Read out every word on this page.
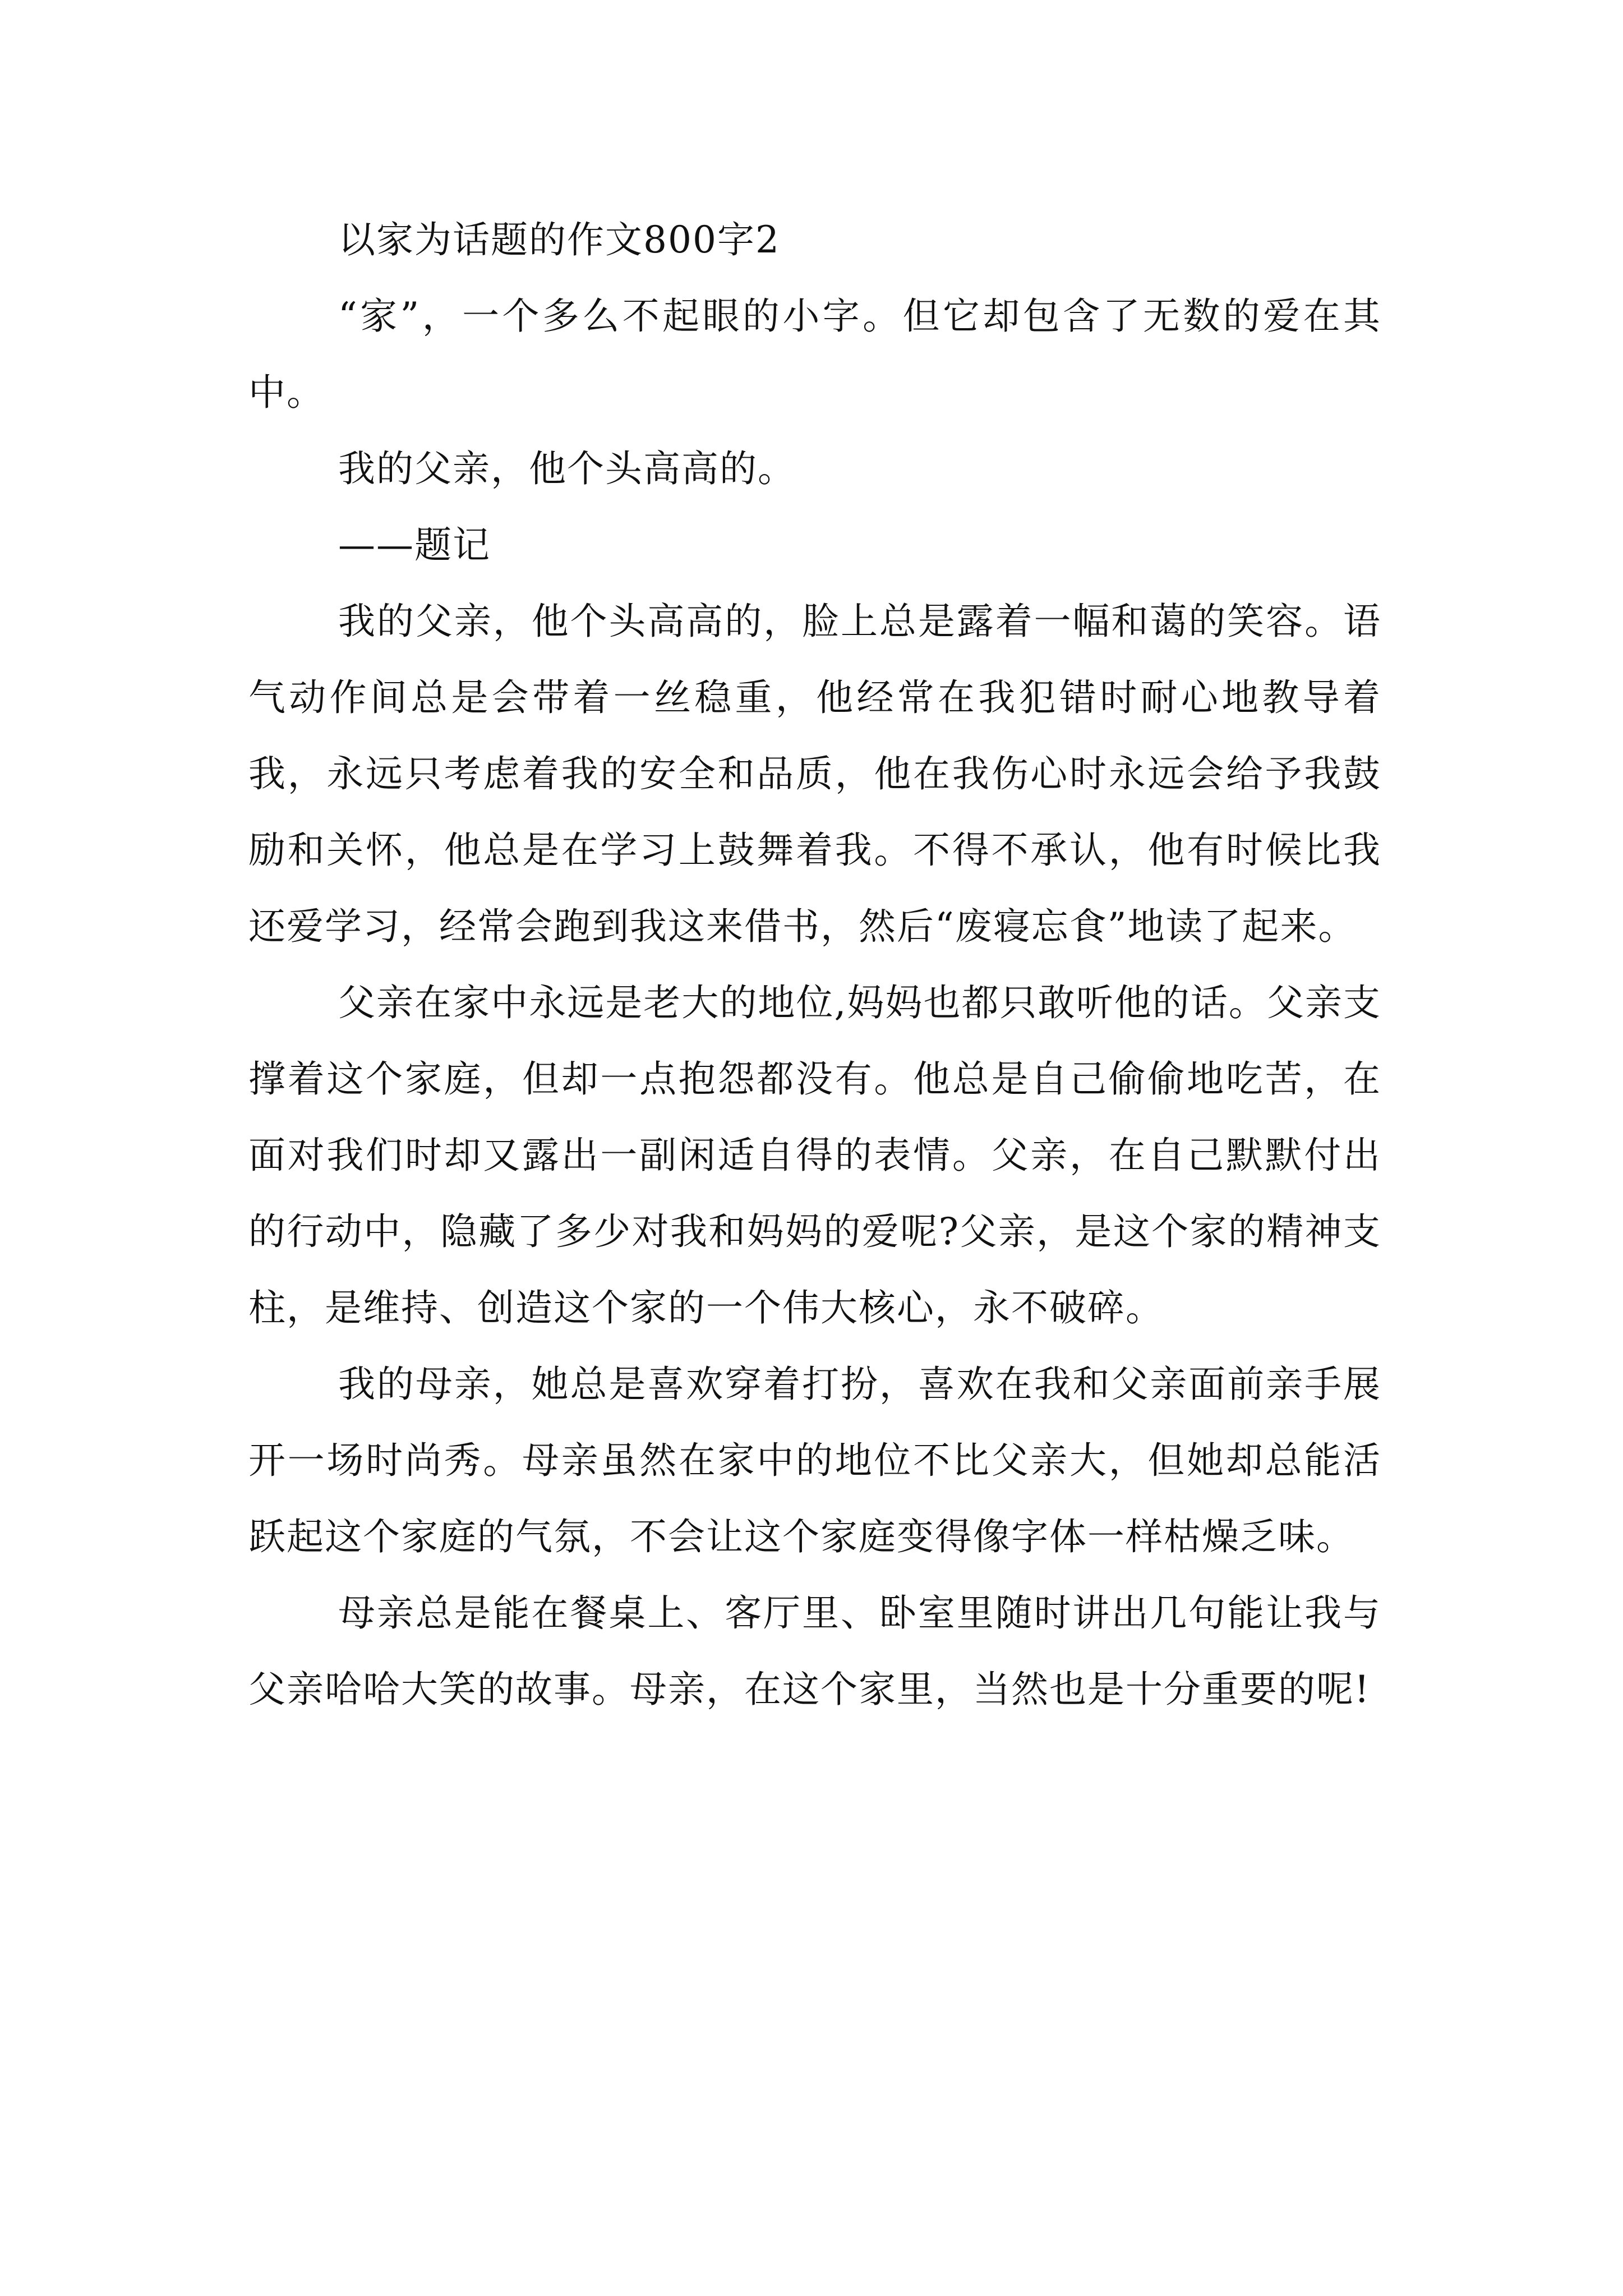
以家为话题的作文800字2

“家”，一个多么不起眼的小字。但它却包含了无数的爱在其中。

我的父亲，他个头高高的。

——题记

我的父亲，他个头高高的，脸上总是露着一幅和蔼的笑容。语气动作间总是会带着一丝稳重，他经常在我犯错时耐心地教导着我，永远只考虑着我的安全和品质，他在我伤心时永远会给予我鼓励和关怀，他总是在学习上鼓舞着我。不得不承认，他有时候比我还爱学习，经常会跑到我这来借书，然后“废寝忘食”地读了起来。

父亲在家中永远是老大的地位,妈妈也都只敢听他的话。父亲支撑着这个家庭，但却一点抱怨都没有。他总是自己偷偷地吃苦，在面对我们时却又露出一副闲适自得的表情。父亲，在自己默默付出的行动中，隐藏了多少对我和妈妈的爱呢?父亲，是这个家的精神支柱，是维持、创造这个家的一个伟大核心，永不破碎。

我的母亲，她总是喜欢穿着打扮，喜欢在我和父亲面前亲手展开一场时尚秀。母亲虽然在家中的地位不比父亲大，但她却总能活跃起这个家庭的气氛，不会让这个家庭变得像字体一样枯燥乏味。

母亲总是能在餐桌上、客厅里、卧室里随时讲出几句能让我与父亲哈哈大笑的故事。母亲，在这个家里，当然也是十分重要的呢!
